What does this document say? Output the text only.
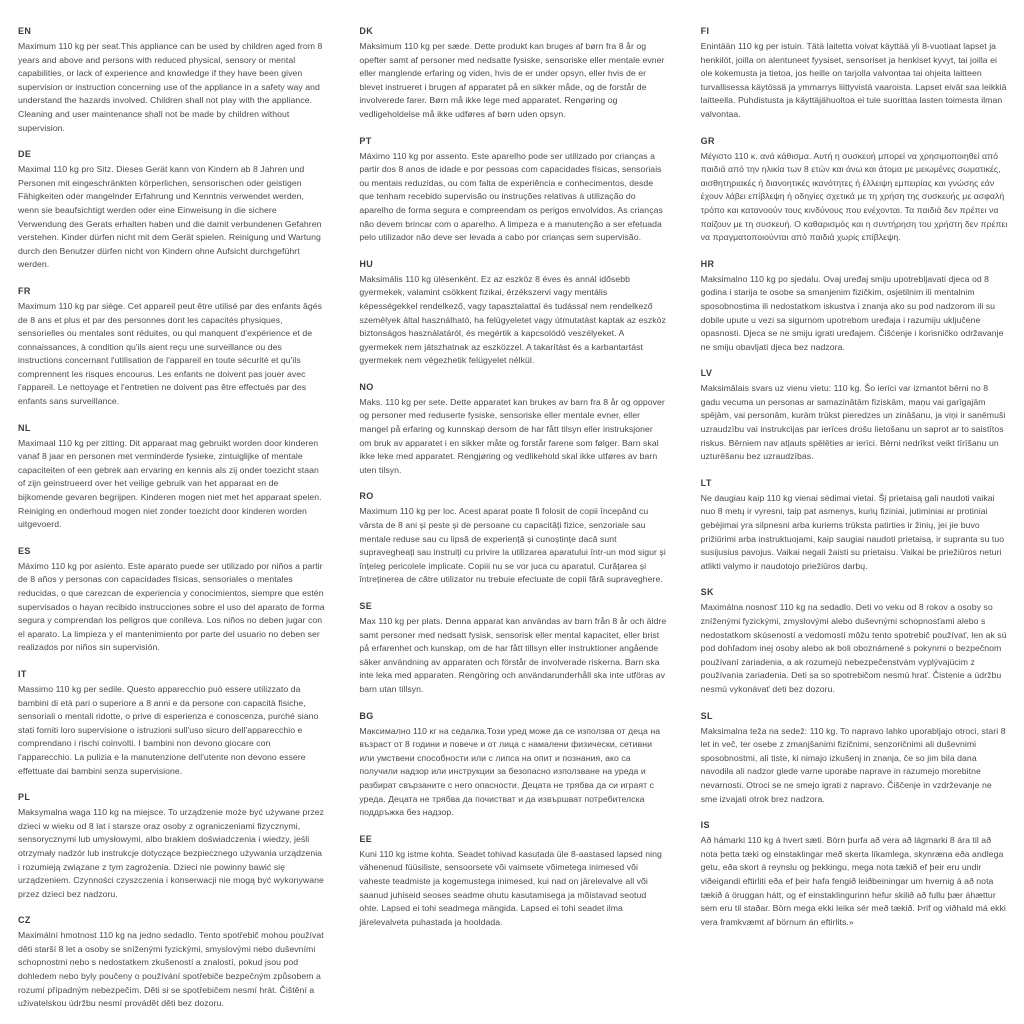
EN
Maximum 110 kg per seat.This appliance can be used by children aged from 8 years and above and persons with reduced physical, sensory or mental capabilities, or lack of experience and knowledge if they have been given supervision or instruction concerning use of the appliance in a safety way and understand the hazards involved. Children shall not play with the appliance. Cleaning and user maintenance shall not be made by children without supervision.
DE
Maximal 110 kg pro Sitz. Dieses Gerät kann von Kindern ab 8 Jahren und Personen mit eingeschränkten körperlichen, sensorischen oder geistigen Fähigkeiten oder mangelnder Erfahrung und Kenntnis verwendet werden, wenn sie beaufsichtigt werden oder eine Einweisung in die sichere Verwendung des Gerats erhalten haben und die damit verbundenen Gefahren verstehen. Kinder dürfen nicht mit dem Gerät spielen. Reinigung und Wartung durch den Benutzer dürfen nicht von Kindern ohne Aufsicht durchgeführt werden.
FR
Maximum 110 kg par siège. Cet appareil peut être utilisé par des enfants âgés de 8 ans et plus et par des personnes dont les capacités physiques, sensorielles ou mentales sont réduites, ou qui manquent d'expérience et de connaissances, à condition qu'ils aient reçu une surveillance ou des instructions concernant l'utilisation de l'appareil en toute sécurité et qu'ils comprennent les risques encourus. Les enfants ne doivent pas jouer avec l'appareil. Le nettoyage et l'entretien ne doivent pas être effectués par des enfants sans surveillance.
NL
Maximaal 110 kg per zitting. Dit apparaat mag gebruikt worden door kinderen vanaf 8 jaar en personen met verminderde fysieke, zintuiglijke of mentale capaciteiten of een gebrek aan ervaring en kennis als zij onder toezicht staan of zijn geinstrueerd over het veilige gebruik van het apparaat en de bijkomende gevaren begrijpen. Kinderen mogen niet met het apparaat spelen. Reiniging en onderhoud mogen niet zonder toezicht door kinderen worden uitgevoerd.
ES
Máximo 110 kg por asiento. Este aparato puede ser utilizado por niños a partir de 8 años y personas con capacidades físicas, sensoriales o mentales reducidas, o que carezcan de experiencia y conocimientos, siempre que estén supervisados o hayan recibido instrucciones sobre el uso del aparato de forma segura y comprendan los peligros que conlleva. Los niños no deben jugar con el aparato. La limpieza y el mantenimiento por parte del usuario no deben ser realizados por niños sin supervisión.
IT
Massimo 110 kg per sedile. Questo apparecchio può essere utilizzato da bambini di età pari o superiore a 8 anni e da persone con capacità fisiche, sensoriali o mentali ridotte, o prive di esperienza e conoscenza, purché siano stati forniti loro supervisione o istruzioni sull'uso sicuro dell'apparecchio e comprendano i rischi coinvolti. I bambini non devono giocare con l'apparecchio. La pulizia e la manutenzione dell'utente non devono essere effettuate dai bambini senza supervisione.
PL
Maksymalna waga 110 kg na miejsce. To urządzenie może być używane przez dzieci w wieku od 8 lat i starsze oraz osoby z ograniczeniami fizycznymi, sensorycznymi lub umysłowymi, albo brakiem doświadczenia i wiedzy, jeśli otrzymały nadzór lub instrukcje dotyczące bezpiecznego używania urządzenia i rozumieją związane z tym zagrożenia. Dzieci nie powinny bawić się urządzeniem. Czynności czyszczenia i konserwacji nie mogą być wykonywane przez dzieci bez nadzoru.
CZ
Maximální hmotnost 110 kg na jedno sedadlo. Tento spotřebič mohou používat děti starší 8 let a osoby se sníženými fyzickými, smyslovými nebo duševními schopnostmi nebo s nedostatkem zkušeností a znalostí, pokud jsou pod dohledem nebo byly poučeny o používání spotřebiče bezpečným způsobem a rozumí případným nebezpečím. Děti si se spotřebičem nesmí hrát. Čištění a uživatelskou údržbu nesmí provádět děti bez dozoru.
DK
Maksimum 110 kg per sæde. Dette produkt kan bruges af børn fra 8 år og opefter samt af personer med nedsatte fysiske, sensoriske eller mentale evner eller manglende erfaring og viden, hvis de er under opsyn, eller hvis de er blevet instrueret i brugen af apparatet på en sikker måde, og de forstår de involverede farer. Børn må ikke lege med apparatet. Rengøring og vedligeholdelse må ikke udføres af børn uden opsyn.
PT
Máximo 110 kg por assento. Este aparelho pode ser utilizado por crianças a partir dos 8 anos de idade e por pessoas com capacidades físicas, sensoriais ou mentais reduzidas, ou com falta de experiência e conhecimentos, desde que tenham recebido supervisão ou instruções relativas à utilização do aparelho de forma segura e compreendam os perigos envolvidos. As crianças não devem brincar com o aparelho. A limpeza e a manutenção a ser efetuada pelo utilizador não deve ser levada a cabo por crianças sem supervisão.
HU
Maksimális 110 kg ülésenként. Ez az eszköz 8 éves és annál idősebb gyermekek, valamint csökkent fizikai, érzékszervi vagy mentális képességekkel rendelkező, vagy tapasztalattal és tudással nem rendelkező személyek által használható, ha felügyeletet vagy útmutatást kaptak az eszköz biztonságos használatáról, és megértik a kapcsolódó veszélyeket. A gyermekek nem játszhatnak az eszközzel. A takarítást és a karbantartást gyermekek nem végezhetik felügyelet nélkül.
NO
Maks. 110 kg per sete. Dette apparatet kan brukes av barn fra 8 år og oppover og personer med reduserte fysiske, sensoriske eller mentale evner, eller mangel på erfaring og kunnskap dersom de har fått tilsyn eller instruksjoner om bruk av apparatet i en sikker måte og forstår farene som følger. Barn skal ikke leke med apparatet. Rengjøring og vedlikehold skal ikke utføres av barn uten tilsyn.
RO
Maximum 110 kg per loc. Acest aparat poate fi folosit de copii începând cu vârsta de 8 ani și peste și de persoane cu capacități fizice, senzoriale sau mentale reduse sau cu lipsă de experiență și cunoștințe dacă sunt supravegheați sau instruiți cu privire la utilizarea aparatului într-un mod sigur și înțeleg pericolele implicate. Copiii nu se vor juca cu aparatul. Curățarea și întreținerea de către utilizator nu trebuie efectuate de copii fără supraveghere.
SE
Max 110 kg per plats. Denna apparat kan användas av barn från 8 år och äldre samt personer med nedsatt fysisk, sensorisk eller mental kapacitet, eller brist på erfarenhet och kunskap, om de har fått tillsyn eller instruktioner angående säker användning av apparaten och förstår de involverade riskerna. Barn ska inte leka med apparaten. Rengöring och användarunderhåll ska inte utföras av barn utan tillsyn.
BG
Максимално 110 кг на седалка.Този уред може да се използва от деца на възраст от 8 години и повече и от лица с намалени физически, сетивни или умствени способности или с липса на опит и познания, ако са получили надзор или инструкции за безопасно използване на уреда и разбират свързаните с него опасности. Децата не трябва да си играят с уреда. Децата не трябва да почистват и да извършват потребителска поддръжка без надзор.
EE
Kuni 110 kg istme kohta. Seadet tohivad kasutada üle 8-aastased lapsed ning vähenenud füüsiliste, sensoorsete või vaimsete võimetega inimesed või vaheste teadmiste ja kogemustega inimesed, kui nad on järelevalve all või saanud juhiseid seoses seadme ohutu kasutamisega ja mõistavad seotud ohte. Lapsed ei tohi seadmega mängida. Lapsed ei tohi seadet ilma järelevalveta puhastada ja hooldada.
FI
Enintään 110 kg per istuin. Tätä laitetta voivat käyttää yli 8-vuotiaat lapset ja henkilöt, joilla on alentuneet fyysiset, sensoriset ja henkiset kyvyt, tai joilla ei ole kokemusta ja tietoa, jos heille on tarjolla valvontaa tai ohjeita laitteen turvallisessa käytössä ja ymmarrys liittyvistä vaaroista. Lapset eivät saa leikkiä laitteella. Puhdistusta ja käyttäjähuoltoa ei tule suorittaa lasten toimesta ilman valvontaa.
GR
Μέγιστο 110 κ. ανά κάθισμα. Αυτή η συσκευή μπορεί να χρησιμοποιηθεί από παιδιά από την ηλικία των 8 ετών και άνω και άτομα με μειωμένες σωματικές, αισθητηριακές ή διανοητικές ικανότητες ή έλλειψη εμπειρίας και γνώσης εάν έχουν λάβει επίβλεψη ή οδηγίες σχετικά με τη χρήση της συσκευής με ασφαλή τρόπο και κατανοούν τους κινδύνους που ενέχονται. Τα παιδιά δεν πρέπει να παίζουν με τη συσκευή. Ο καθαρισμός και η συντήρηση του χρήστη δεν πρέπει να πραγματοποιούνται από παιδιά χωρίς επίβλεψη.
HR
Maksimalno 110 kg po sjedalu. Ovaj uređaj smiju upotrebljavati djeca od 8 godina i starija te osobe sa smanjenim fizičkim, osjetilnim ili mentalnim sposobnostima ili nedostatkom iskustva i znanja ako su pod nadzorom ili su dobile upute u vezi sa sigurnom upotrebom uređaja i razumiju uključene opasnosti. Djeca se ne smiju igrati uređajem. Čišćenje i korisničko održavanje ne smiju obavljati djeca bez nadzora.
LV
Maksimālais svars uz vienu vietu: 110 kg. Šo ierīci var izmantot bērni no 8 gadu vecuma un personas ar samazinātām fiziskām, maņu vai garīgajām spējām, vai personām, kurām trūkst pieredzes un zināšanu, ja viņi ir sanēmuši uzraudzību vai instrukcijas par ierīces drošu lietošanu un saprot ar to saistītos riskus. Bērniem nav atļauts spēlēties ar ierīci. Bērni nedrīkst veikt tīrīšanu un uzturēšanu bez uzraudzības.
LT
Ne daugiau kaip 110 kg vienai sėdimai vietai. Šį prietaisą gali naudoti vaikai nuo 8 metų ir vyresni, taip pat asmenys, kurių fiziniai, jutiminiai ar protiniai gebėjimai yra silpnesni arba kuriems trūksta patirties ir žinių, jei jie buvo prižiūrimi arba instruktuojami, kaip saugiai naudoti prietaisą, ir supranta su tuo susijusius pavojus. Vaikai negali žaisti su prietaisu. Vaikai be priežiūros neturi atlikti valymo ir naudotojo priežiūros darbų.
SK
Maximálna nosnosť 110 kg na sedadlo. Deti vo veku od 8 rokov a osoby so zníženými fyzickými, zmyslovými alebo duševnými schopnosťami alebo s nedostatkom skúseností a vedomostí môžu tento spotrebič používať, len ak sú pod dohľadom inej osoby alebo ak boli oboznámené s pokynmi o bezpečnom používaní zariadenia, a ak rozumejú nebezpečenstvám vyplývajúcim z používania zariadenia. Deti sa so spotrebičom nesmú hrať. Čistenie a údržbu nesmú vykonávať deti bez dozoru.
SL
Maksimalna teža na sedež: 110 kg. To napravo lahko uporabljajo otroci, stari 8 let in več, ter osebe z zmanjšanimi fizičnimi, senzoričnimi ali duševnimi sposobnostmi, ali tiste, ki nimajo izkušenj in znanja, če so jim bila dana navodila ali nadzor glede varne uporabe naprave in razumejo morebitne nevarnosti. Otroci se ne smejo igrati z napravo. Čiščenje in vzdrževanje ne sme izvajati otrok brez nadzora.
IS
Að hámarki 110 kg á hvert sæti. Börn þurfa að vera að lágmarki 8 ára til að nota þetta tæki og einstaklingar með skerta líkamlega, skynræna eða andlega getu, eða skort á reynslu og þekkingu, mega nota tækið ef þeir eru undir viðeigandi eftirliti eða ef þeir hafa fengið leiðbeiningar um hvernig á að nota tækið á öruggan hátt, og ef einstaklingurinn hefur skilið að fullu þær áhættur sem eru til staðar. Börn mega ekki leika sér með tækið. Þrif og viðhald má ekki vera framkvæmt af börnum án eftirlits.»
